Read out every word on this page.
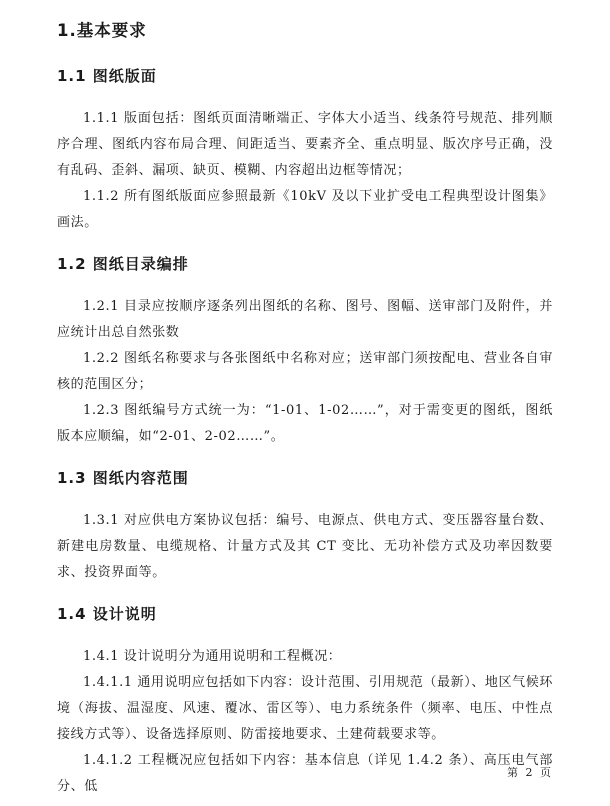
1.基本要求
1.1 图纸版面

1.1.1 版面包括：图纸页面清晰端正、字体大小适当、线条符号规范、排列顺序合理、图纸内容布局合理、间距适当、要素齐全、重点明显、版次序号正确，没有乱码、歪斜、漏项、缺页、模糊、内容超出边框等情况；

1.1.2 所有图纸版面应参照最新《10kV 及以下业扩受电工程典型设计图集》画法。

1.2 图纸目录编排

1.2.1 目录应按顺序逐条列出图纸的名称、图号、图幅、送审部门及附件，并应统计出总自然张数

1.2.2 图纸名称要求与各张图纸中名称对应；送审部门须按配电、营业各自审核的范围区分；

1.2.3 图纸编号方式统一为：“1-01、1-02……”，对于需变更的图纸，图纸版本应顺编，如“2-01、2-02……”。

1.3 图纸内容范围

1.3.1 对应供电方案协议包括：编号、电源点、供电方式、变压器容量台数、新建电房数量、电缆规格、计量方式及其 CT 变比、无功补偿方式及功率因数要求、投资界面等。

1.4 设计说明

1.4.1 设计说明分为通用说明和工程概况：

1.4.1.1 通用说明应包括如下内容：设计范围、引用规范（最新）、地区气候环境（海拔、温湿度、风速、覆冰、雷区等）、电力系统条件（频率、电压、中性点接线方式等）、设备选择原则、防雷接地要求、土建荷载要求等。

1.4.1.2 工程概况应包括如下内容：基本信息（详见 1.4.2 条）、高压电气部分、低

第 2 页
